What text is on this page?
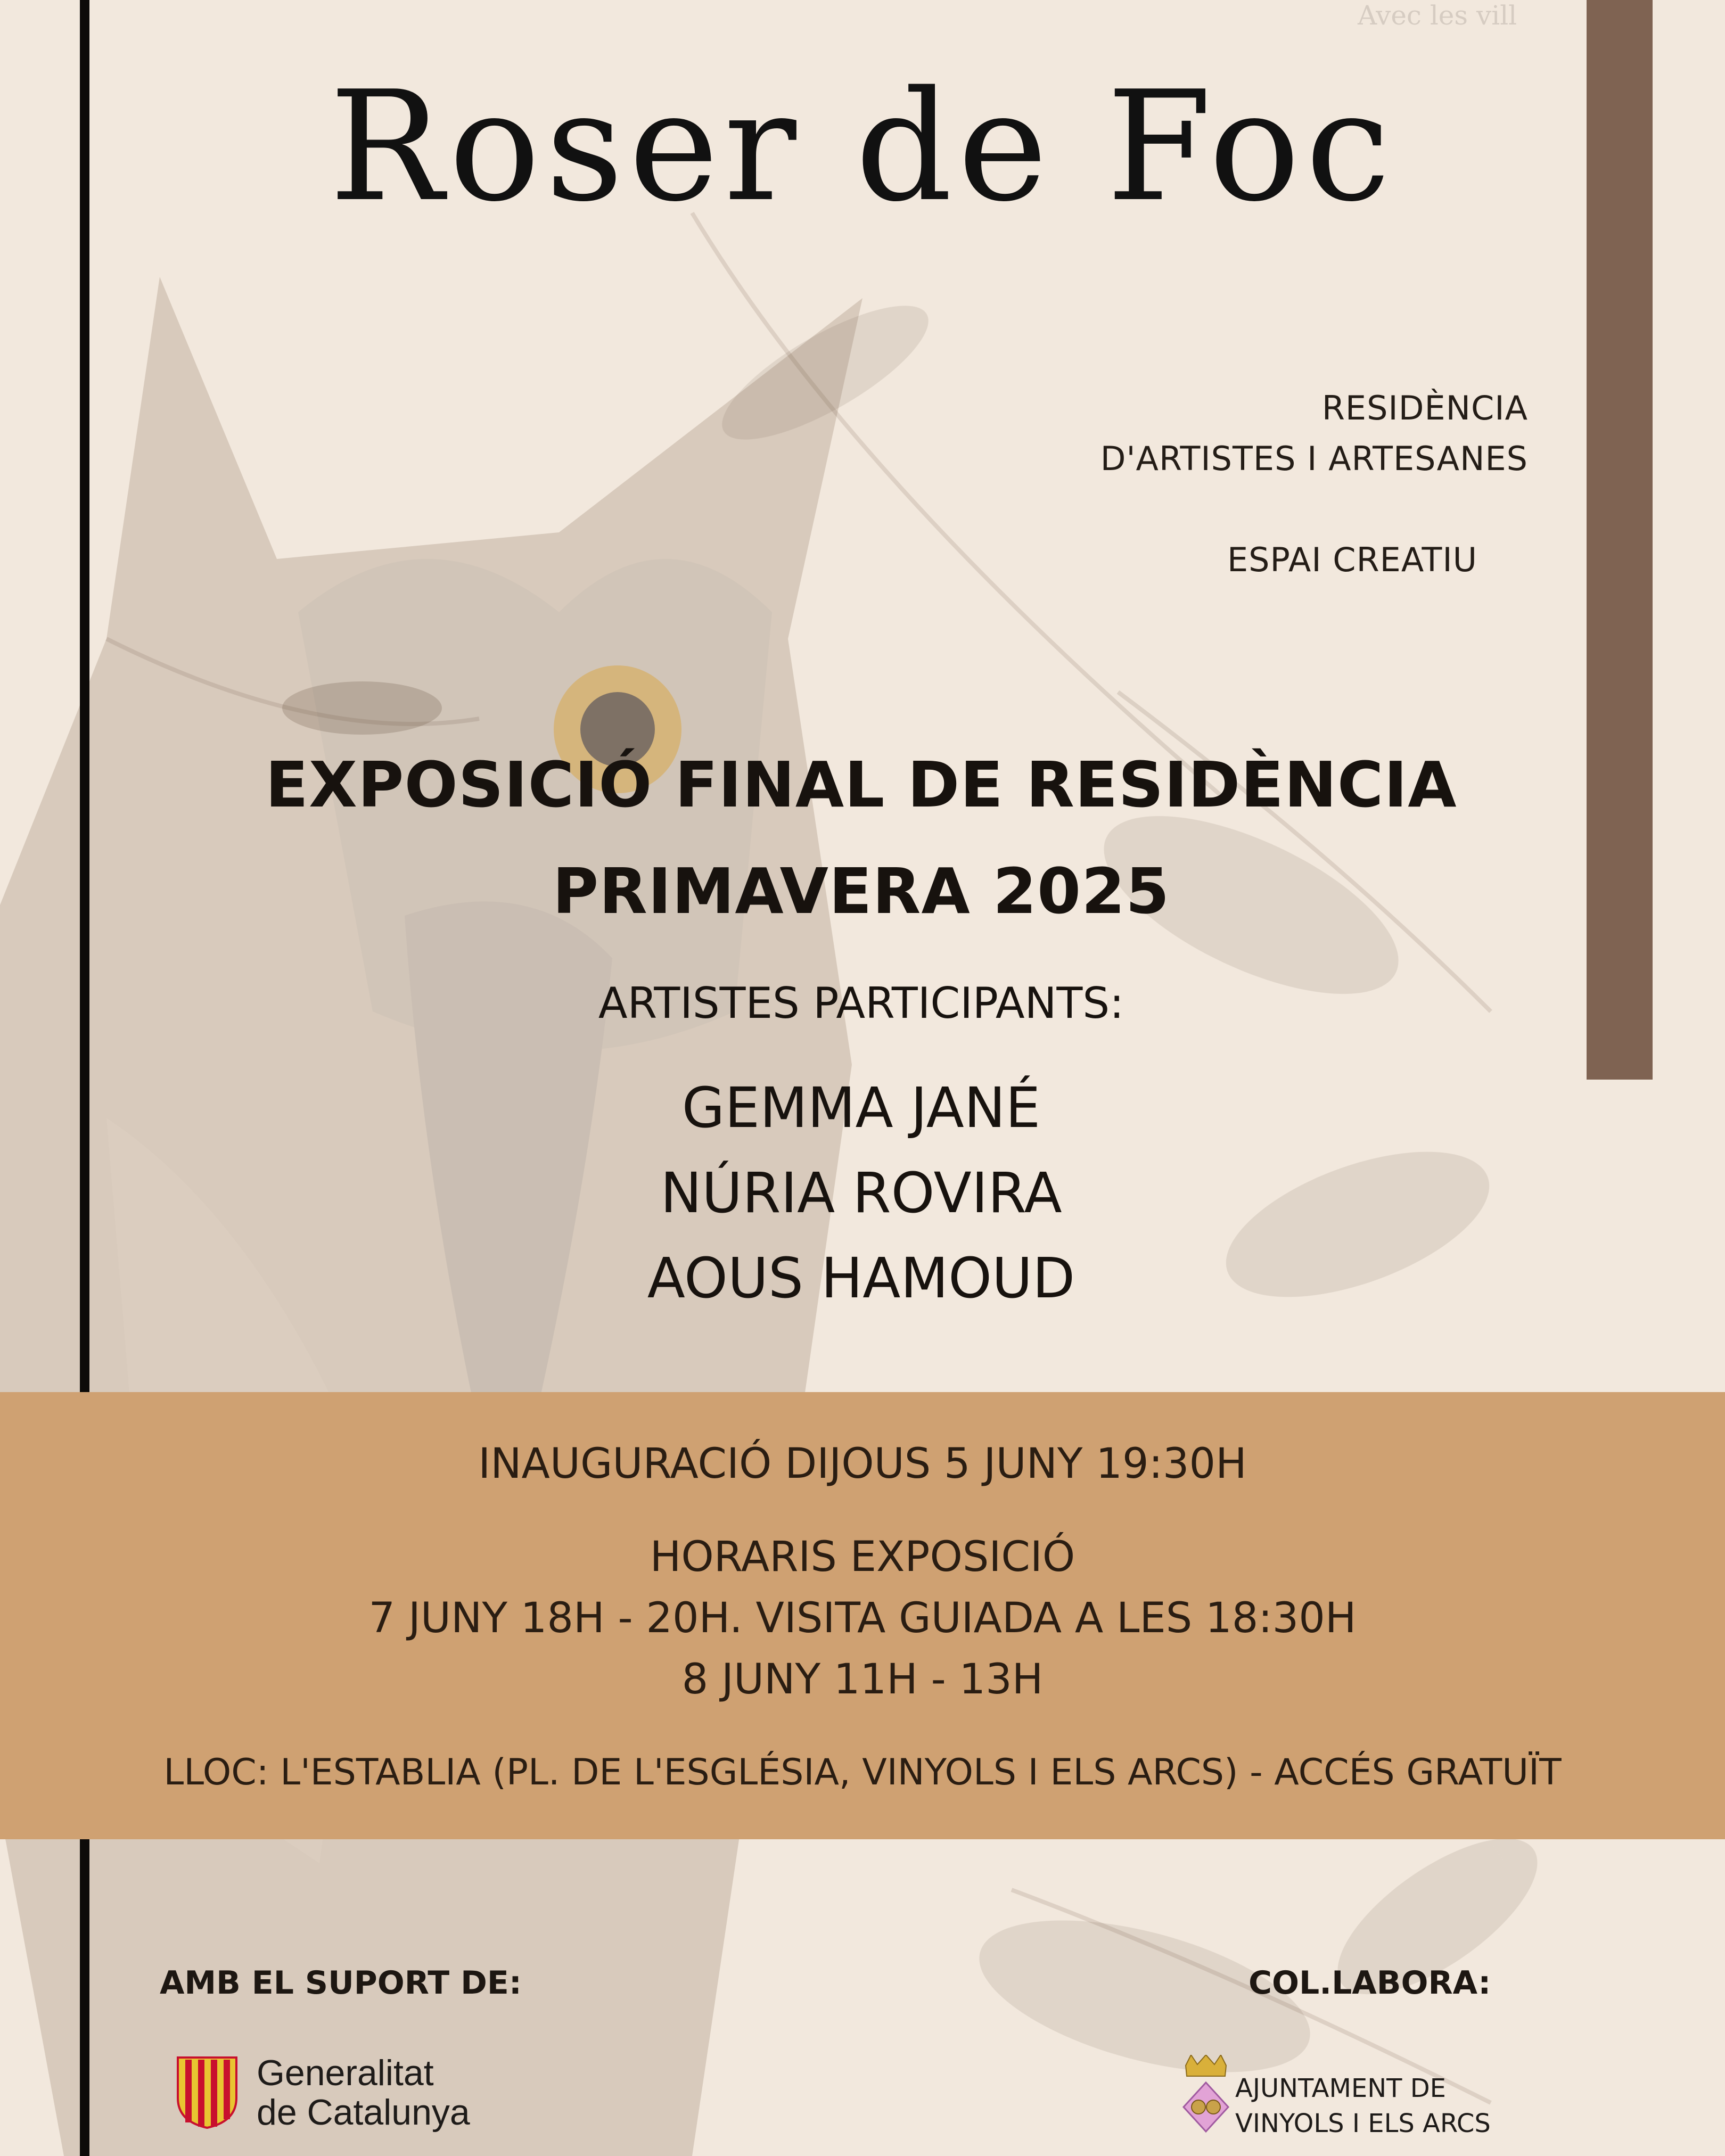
Avec les vill
Roser de Foc
RESIDÈNCIA
D'ARTISTES I ARTESANES
ESPAI CREATIU
EXPOSICIÓ FINAL DE RESIDÈNCIA
PRIMAVERA 2025
ARTISTES PARTICIPANTS:
GEMMA JANÉ
NÚRIA ROVIRA
AOUS HAMOUD
INAUGURACIÓ DIJOUS 5 JUNY 19:30H
HORARIS EXPOSICIÓ
7 JUNY 18H - 20H. VISITA GUIADA A LES 18:30H
8 JUNY 11H - 13H
LLOC: L'ESTABLIA (PL. DE L'ESGLÉSIA, VINYOLS I ELS ARCS) - ACCÉS GRATUÏT
AMB EL SUPORT DE:	COL.LABORA:
Generalitat
de Catalunya
AJUNTAMENT DE
VINYOLS I ELS ARCS
